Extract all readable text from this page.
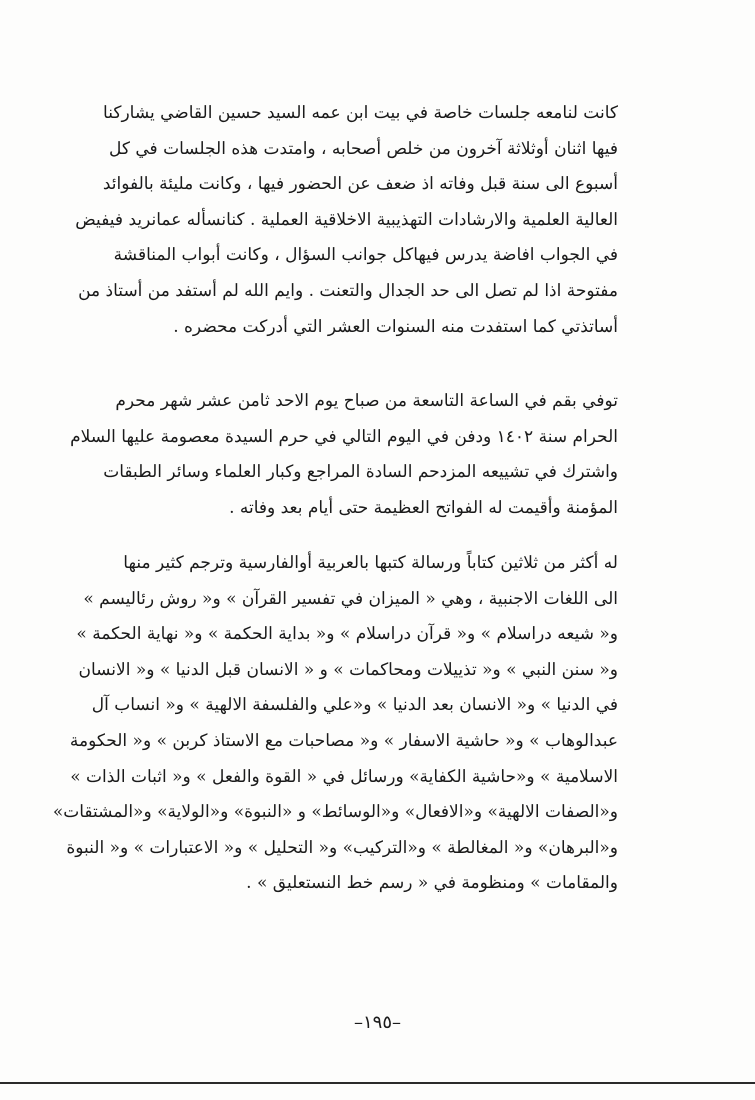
كانت لنامعه جلسات خاصة في بيت ابن عمه السيد حسين القاضي يشاركنا
فيها اثنان أوثلاثة آخرون من خلص أصحابه ، وامتدت هذه الجلسات في كل
أسبوع الى سنة قبل وفاته اذ ضعف عن الحضور فيها ، وكانت مليئة بالفوائد
العالية العلمية والارشادات التهذيبية الاخلاقية العملية . كنانسأله عمانريد فيفيض
في الجواب افاضة يدرس فيهاكل جوانب السؤال ، وكانت أبواب المناقشة
مفتوحة اذا لم تصل الى حد الجدال والتعنت . وايم الله لم أستفد من أستاذ من
أساتذتي كما استفدت منه السنوات العشر التي أدركت محضره .
توفي بقم في الساعة التاسعة من صباح يوم الاحد ثامن عشر شهر محرم
الحرام سنة ١٤٠٢ ودفن في اليوم التالي في حرم السيدة معصومة عليها السلام
واشترك في تشييعه المزدحم السادة المراجع وكبار العلماء وسائر الطبقات
المؤمنة وأقيمت له الفواتح العظيمة حتى أيام بعد وفاته .
له أكثر من ثلاثين كتاباً ورسالة كتبها بالعربية أوالفارسية وترجم كثير منها
الى اللغات الاجنبية ، وهي « الميزان في تفسير القرآن » و« روش رئاليسم »
و« شيعه دراسلام » و« قرآن دراسلام » و« بداية الحكمة » و« نهاية الحكمة »
و« سنن النبي » و« تذييلات ومحاكمات » و « الانسان قبل الدنيا » و« الانسان
في الدنيا » و« الانسان بعد الدنيا » و«علي والفلسفة الالهية » و« انساب آل
عبدالوهاب » و« حاشية الاسفار » و« مصاحبات مع الاستاذ كربن » و« الحكومة
الاسلامية » و«حاشية الكفاية» ورسائل في « القوة والفعل » و« اثبات الذات »
و«الصفات الالهية» و«الافعال» و«الوسائط» و «النبوة» و«الولاية» و«المشتقات»
و«البرهان» و« المغالطة » و«التركيب» و« التحليل » و« الاعتبارات » و« النبوة
والمقامات » ومنظومة في « رسم خط النستعليق » .
–١٩٥–
